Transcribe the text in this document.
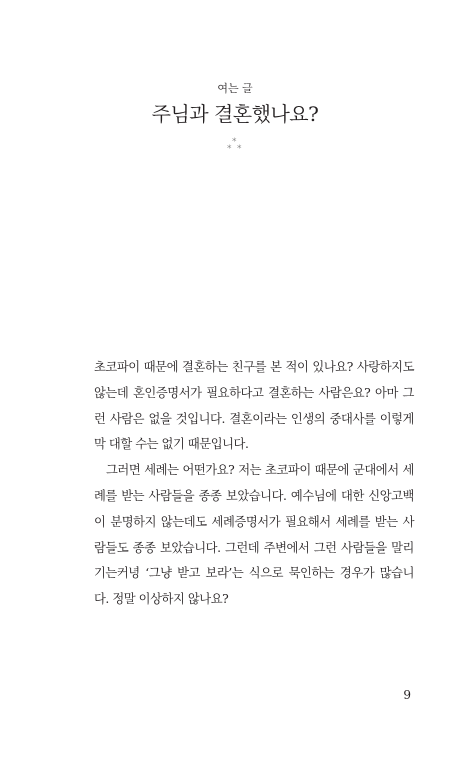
여는 글
주님과 결혼했나요?
*
* *

초코파이 때문에 결혼하는 친구를 본 적이 있나요? 사랑하지도 않는데 혼인증명서가 필요하다고 결혼하는 사람은요? 아마 그런 사람은 없을 것입니다. 결혼이라는 인생의 중대사를 이렇게 막 대할 수는 없기 때문입니다.

그러면 세례는 어떤가요? 저는 초코파이 때문에 군대에서 세례를 받는 사람들을 종종 보았습니다. 예수님에 대한 신앙고백이 분명하지 않는데도 세례증명서가 필요해서 세례를 받는 사람들도 종종 보았습니다. 그런데 주변에서 그런 사람들을 말리기는커녕 ‘그냥 받고 보라’는 식으로 묵인하는 경우가 많습니다. 정말 이상하지 않나요?

9
